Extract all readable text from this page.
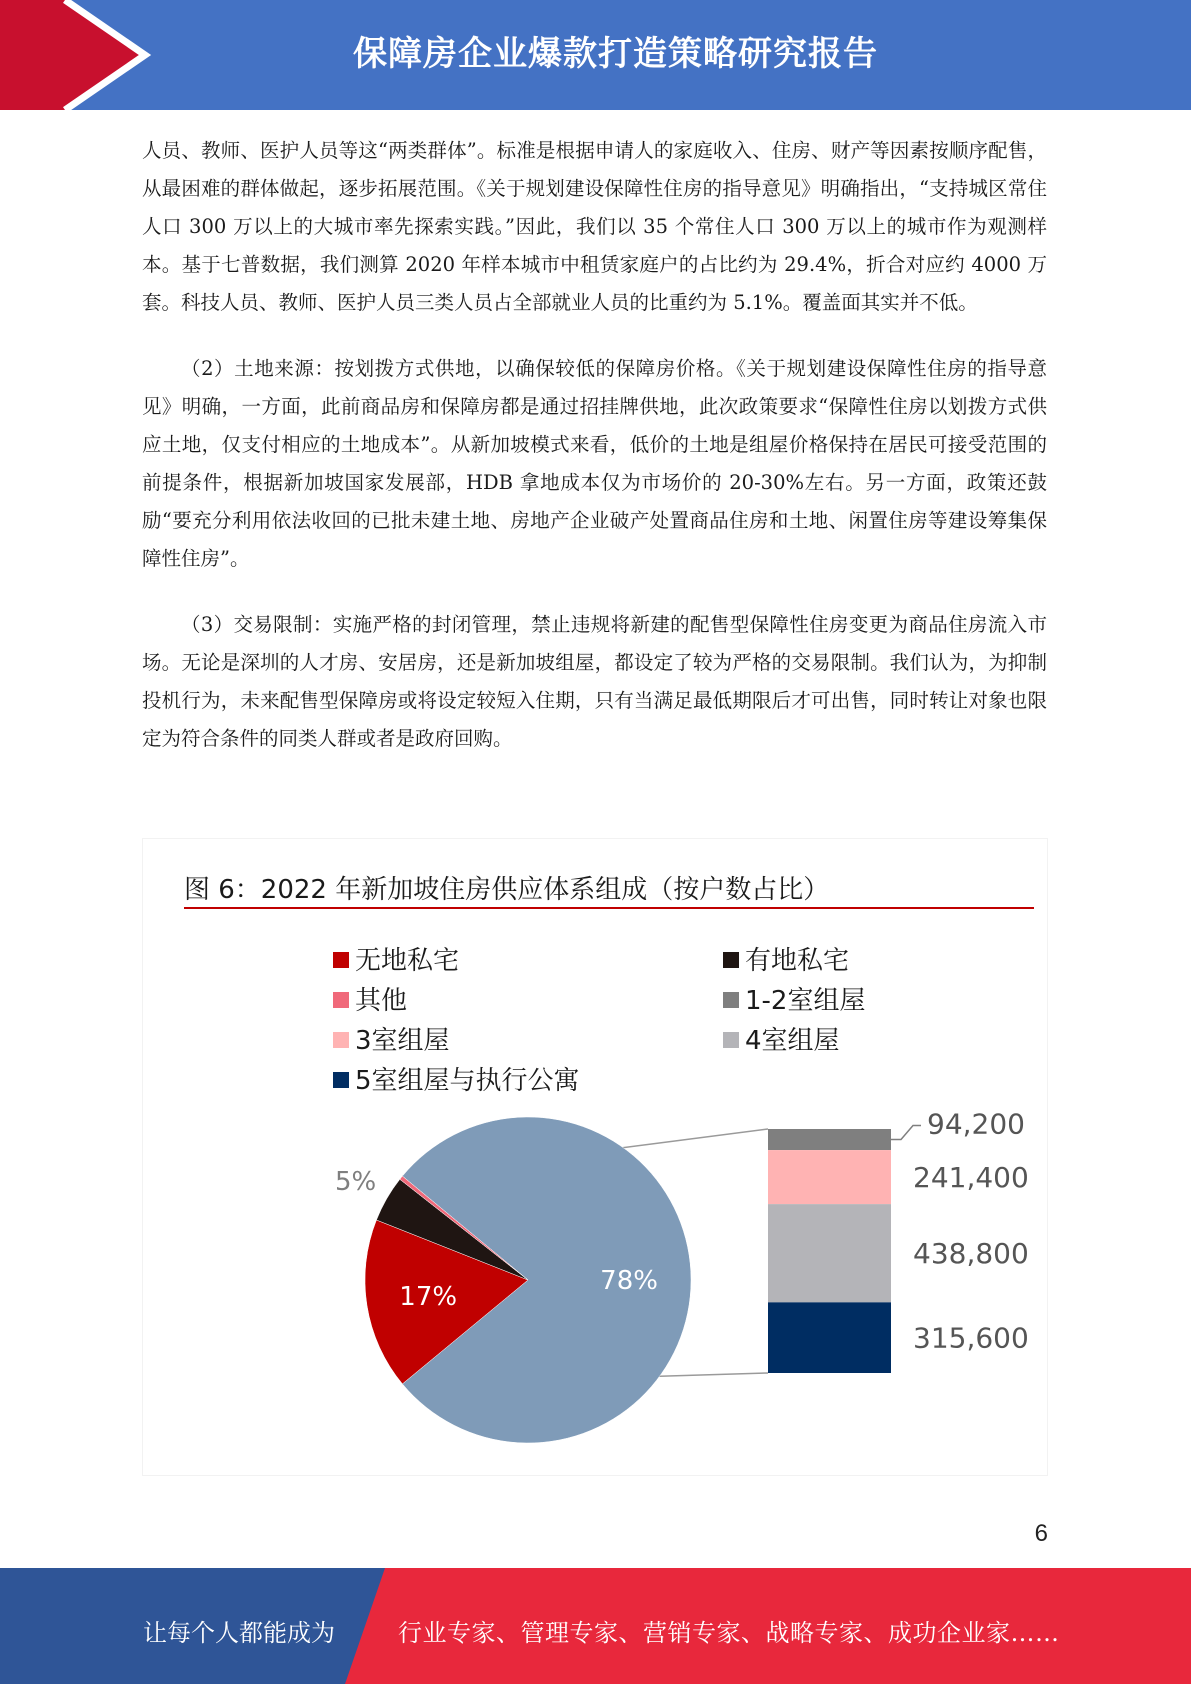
保障房企业爆款打造策略研究报告

人员、教师、医护人员等这“两类群体”。标准是根据申请人的家庭收入、住房、财产等因素按顺序配售，从最困难的群体做起，逐步拓展范围。《关于规划建设保障性住房的指导意见》明确指出，“支持城区常住人口 300 万以上的大城市率先探索实践。”因此，我们以 35 个常住人口 300 万以上的城市作为观测样本。基于七普数据，我们测算 2020 年样本城市中租赁家庭户的占比约为 29.4%，折合对应约 4000 万套。科技人员、教师、医护人员三类人员占全部就业人员的比重约为 5.1%。覆盖面其实并不低。

（2）土地来源：按划拨方式供地，以确保较低的保障房价格。《关于规划建设保障性住房的指导意见》明确，一方面，此前商品房和保障房都是通过招挂牌供地，此次政策要求“保障性住房以划拨方式供应土地，仅支付相应的土地成本”。从新加坡模式来看，低价的土地是组屋价格保持在居民可接受范围的前提条件，根据新加坡国家发展部，HDB 拿地成本仅为市场价的 20-30%左右。另一方面，政策还鼓励“要充分利用依法收回的已批未建土地、房地产企业破产处置商品住房和土地、闲置住房等建设筹集保障性住房”。

（3）交易限制：实施严格的封闭管理，禁止违规将新建的配售型保障性住房变更为商品住房流入市场。无论是深圳的人才房、安居房，还是新加坡组屋，都设定了较为严格的交易限制。我们认为，为抑制投机行为，未来配售型保障房或将设定较短入住期，只有当满足最低期限后才可出售，同时转让对象也限定为符合条件的同类人群或者是政府回购。

图 6：2022 年新加坡住房供应体系组成（按户数占比）
无地私宅	有地私宅
其他	1-2室组屋
3室组屋	4室组屋
5室组屋与执行公寓
78%
17%
5%
94,200
241,400
438,800
315,600
6
让每个人都能成为	行业专家、管理专家、营销专家、战略专家、成功企业家……
